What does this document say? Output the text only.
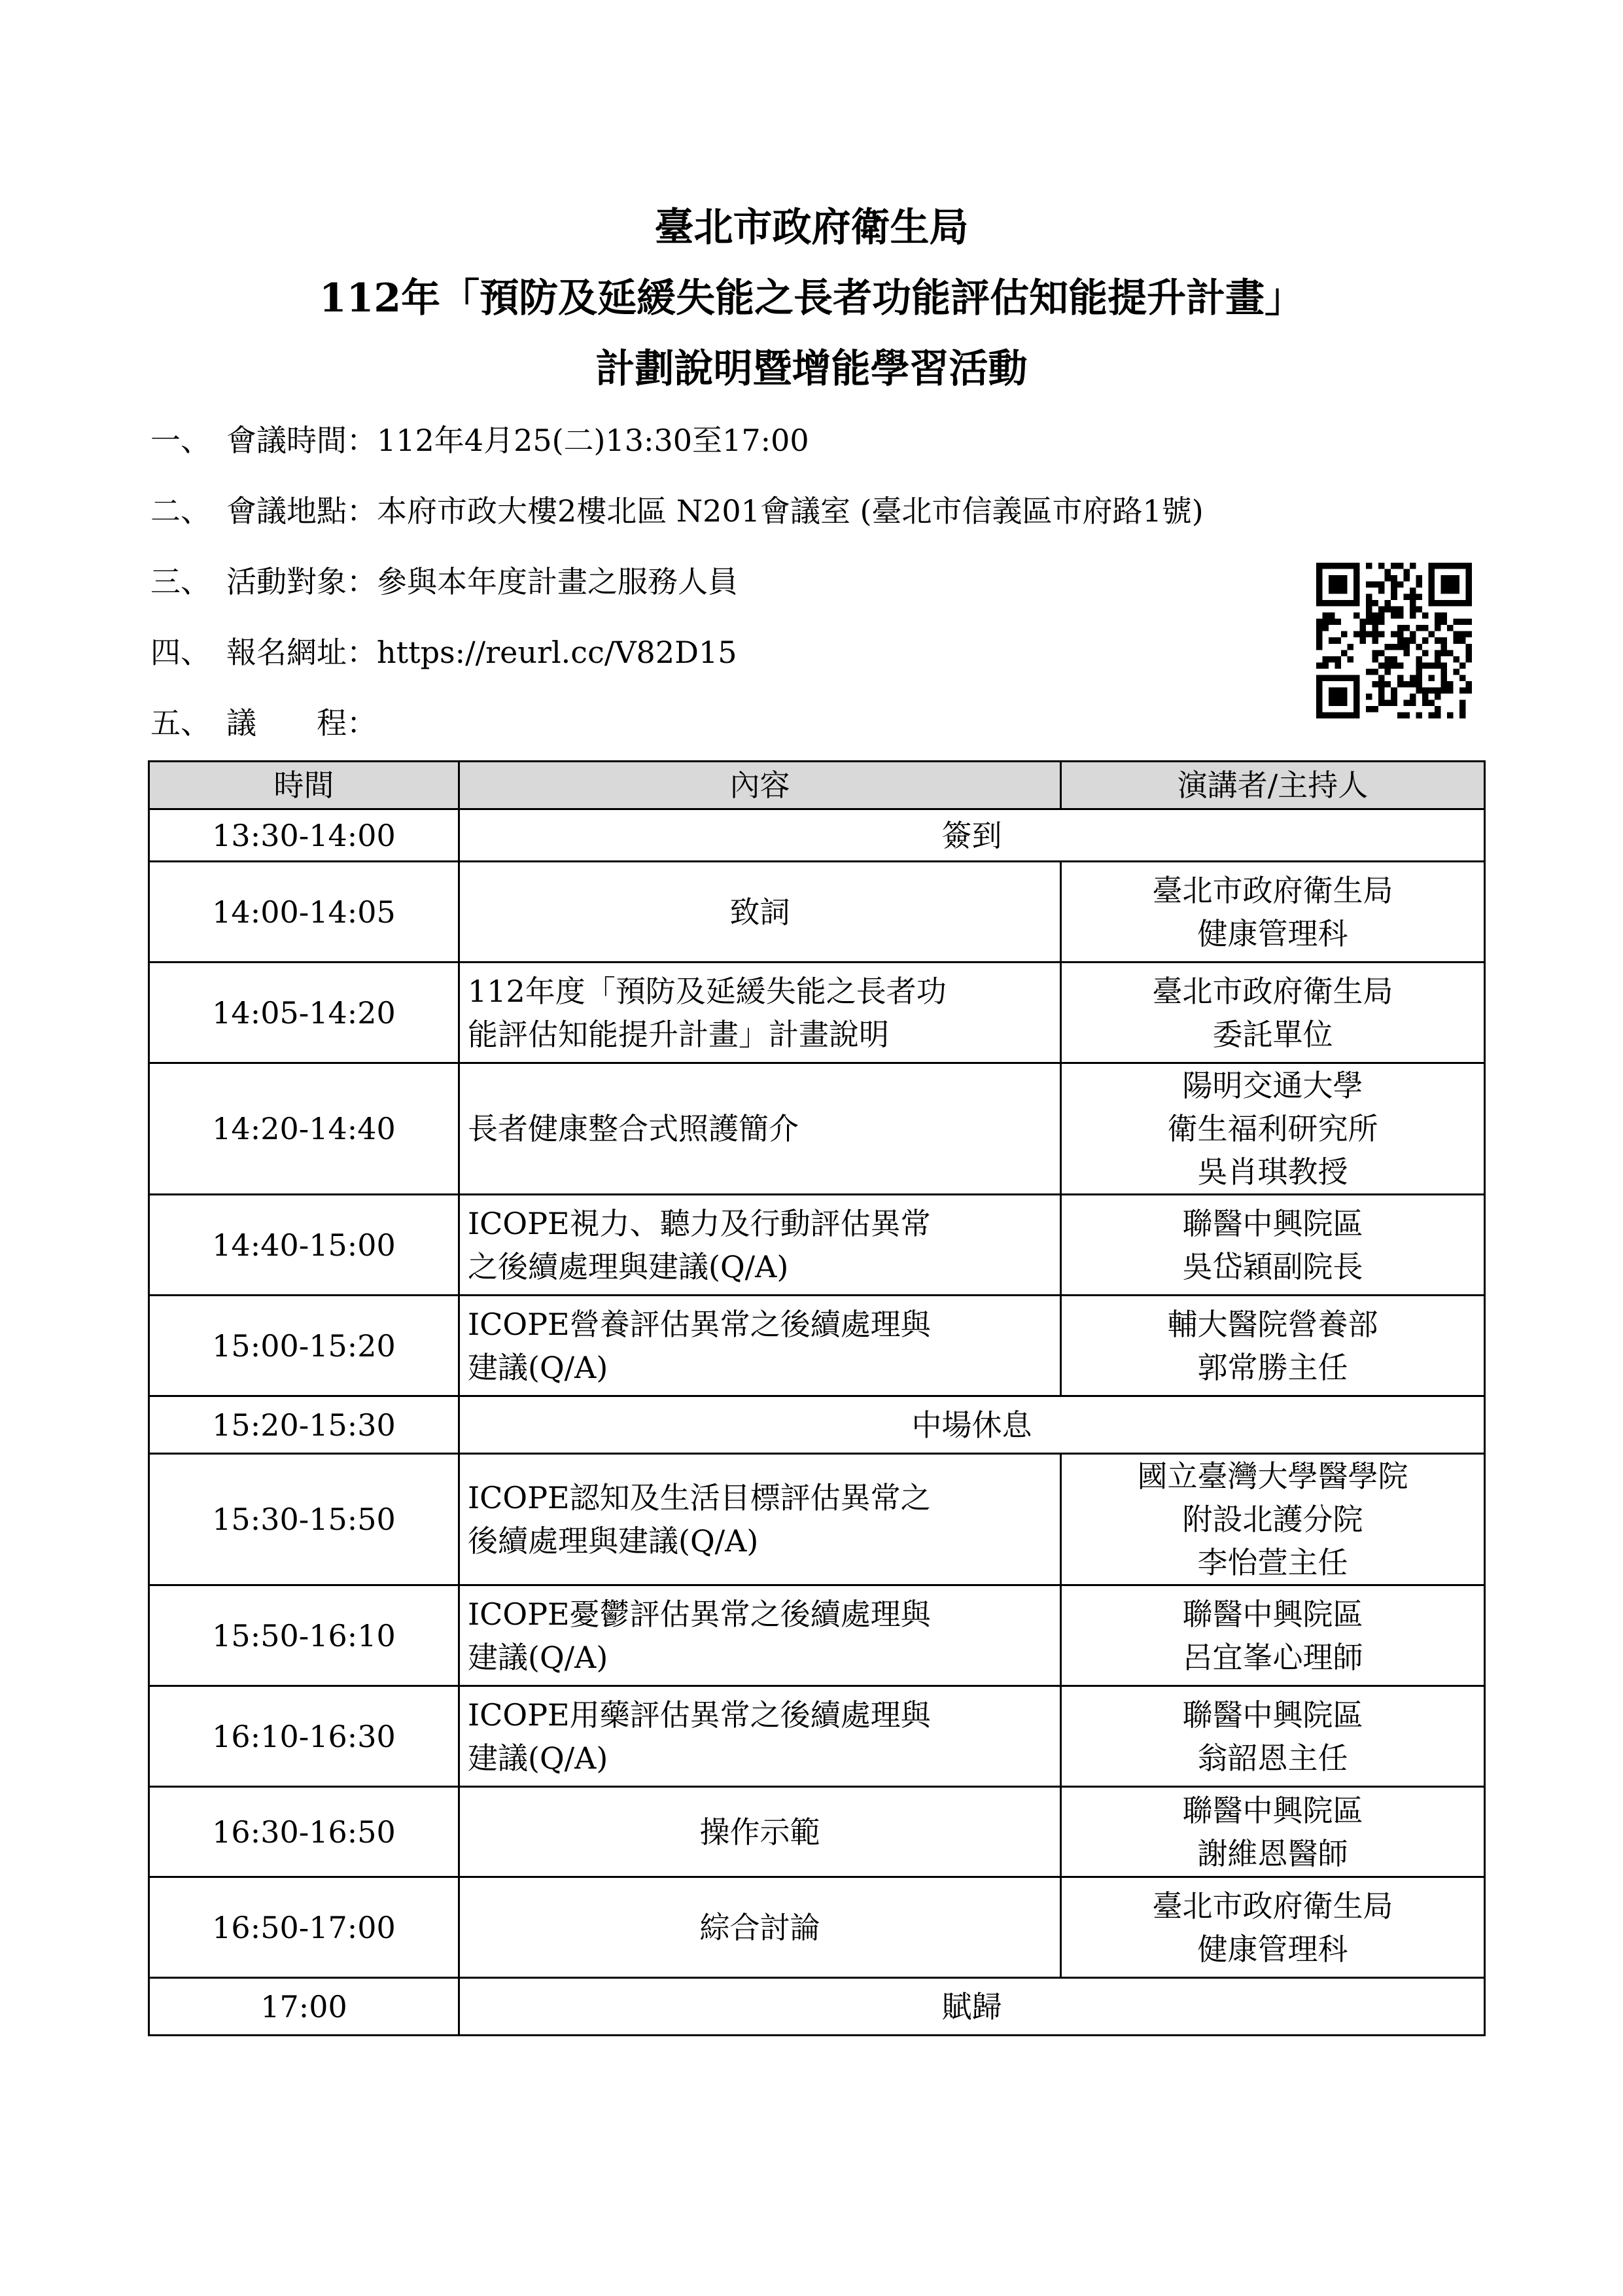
臺北市政府衛生局
112年「預防及延緩失能之長者功能評估知能提升計畫」
計劃說明暨增能學習活動
一、 會議時間： 112年4月25(二)13:30至17:00
二、 會議地點： 本府市政大樓2樓北區 N201會議室 (臺北市信義區市府路1號)
三、 活動對象： 參與本年度計畫之服務人員
四、 報名網址： https://reurl.cc/V82D15
五、 議　　程：
時間	內容	演講者/主持人
13:30-14:00	簽到	
14:00-14:05	致詞	臺北市政府衛生局
健康管理科
14:05-14:20	112年度「預防及延緩失能之長者功
能評估知能提升計畫」計畫說明	臺北市政府衛生局
委託單位
14:20-14:40	長者健康整合式照護簡介	陽明交通大學
衛生福利研究所
吳肖琪教授
14:40-15:00	ICOPE視力、聽力及行動評估異常
之後續處理與建議(Q/A)	聯醫中興院區
吳岱穎副院長
15:00-15:20	ICOPE營養評估異常之後續處理與
建議(Q/A)	輔大醫院營養部
郭常勝主任
15:20-15:30	中場休息	
15:30-15:50	ICOPE認知及生活目標評估異常之
後續處理與建議(Q/A)	國立臺灣大學醫學院
附設北護分院
李怡萱主任
15:50-16:10	ICOPE憂鬱評估異常之後續處理與
建議(Q/A)	聯醫中興院區
呂宜峯心理師
16:10-16:30	ICOPE用藥評估異常之後續處理與
建議(Q/A)	聯醫中興院區
翁韶恩主任
16:30-16:50	操作示範	聯醫中興院區
謝維恩醫師
16:50-17:00	綜合討論	臺北市政府衛生局
健康管理科
17:00	賦歸	
